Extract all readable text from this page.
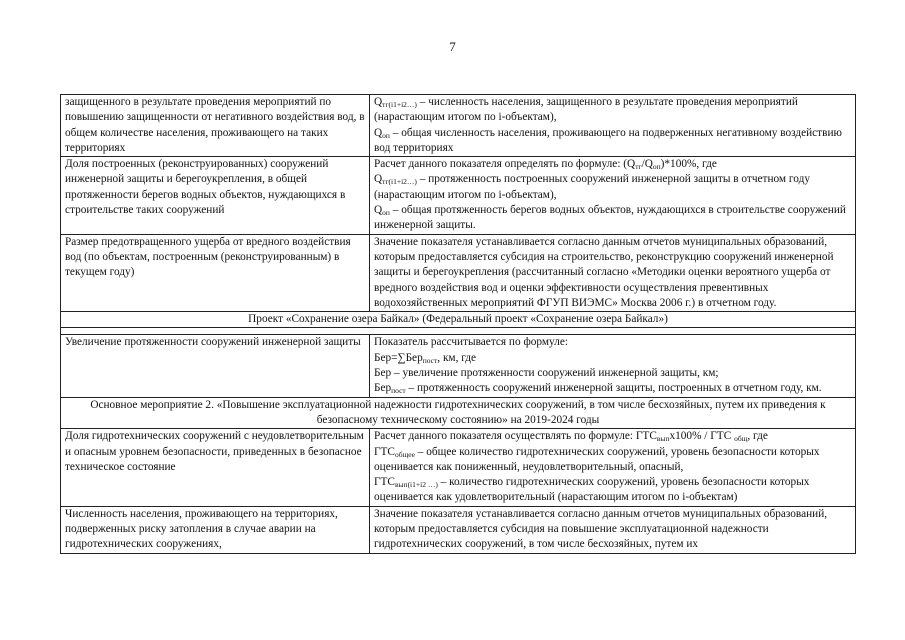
7
защищенного в результате проведения мероприятий по повышению защищенности от негативного воздействия вод, в общем количестве населения, проживающего на таких территориях	$Q_{тг(i1+i2\dots)}$ – численность населения, защищенного в результате проведения мероприятий (нарастающим итогом по i-объектам),
$Q_{оп}$ – общая численность населения, проживающего на подверженных негативному воздействию вод территориях

Доля построенных (реконструированных) сооружений инженерной защиты и берегоукрепления, в общей протяженности берегов водных объектов, нуждающихся в строительстве таких сооружений	Расчет данного показателя определять по формуле: $(Q_{тг}/Q_{оп})*100\%$, где
$Q_{тг(i1+i2\dots)}$ – протяженность построенных сооружений инженерной защиты в отчетном году (нарастающим итогом по i-объектам),
$Q_{оп}$ – общая протяженность берегов водных объектов, нуждающихся в строительстве сооружений инженерной защиты.

Размер предотвращенного ущерба от вредного воздействия вод (по объектам, построенным (реконструированным) в текущем году)	Значение показателя устанавливается согласно данным отчетов муниципальных образований, которым предоставляется субсидия на строительство, реконструкцию сооружений инженерной защиты и берегоукрепления (рассчитанный согласно «Методики оценки вероятного ущерба от вредного воздействия вод и оценки эффективности осуществления превентивных водохозяйственных мероприятий ФГУП ВИЭМС» Москва 2006 г.) в отчетном году.
Проект «Сохранение озера Байкал» (Федеральный проект «Сохранение озера Байкал»)	

Увеличение протяженности сооружений инженерной защиты	Показатель рассчитывается по формуле:
Бер=∑Бер$_{пост}$, км, где
Бер – увеличение протяженности сооружений инженерной защиты, км;
Бер$_{пост}$ – протяженность сооружений инженерной защиты, построенных в отчетном году, км.

Основное мероприятие 2. «Повышение эксплуатационной надежности гидротехнических сооружений, в том числе бесхозяйных, путем их приведения к безопасному техническому состоянию» на 2019-2024 годы	
Доля гидротехнических сооружений с неудовлетворительным и опасным уровнем безопасности, приведенных в безопасное техническое состояние	Расчет данного показателя осуществлять по формуле: $ГТС_{вып}х100\%$ / ГТС $_{общ}$, где
$ГТС_{общее}$ – общее количество гидротехнических сооружений, уровень безопасности которых оценивается как пониженный, неудовлетворительный, опасный,
$ГТС_{вып(i1+i2 \dots)}$ – количество гидротехнических сооружений, уровень безопасности которых оценивается как удовлетворительный (нарастающим итогом по i-объектам)

Численность населения, проживающего на территориях, подверженных риску затопления в случае аварии на гидротехнических сооружениях,	Значение показателя устанавливается согласно данным отчетов муниципальных образований, которым предоставляется субсидия на повышение эксплуатационной надежности гидротехнических сооружений, в том числе бесхозяйных, путем их
